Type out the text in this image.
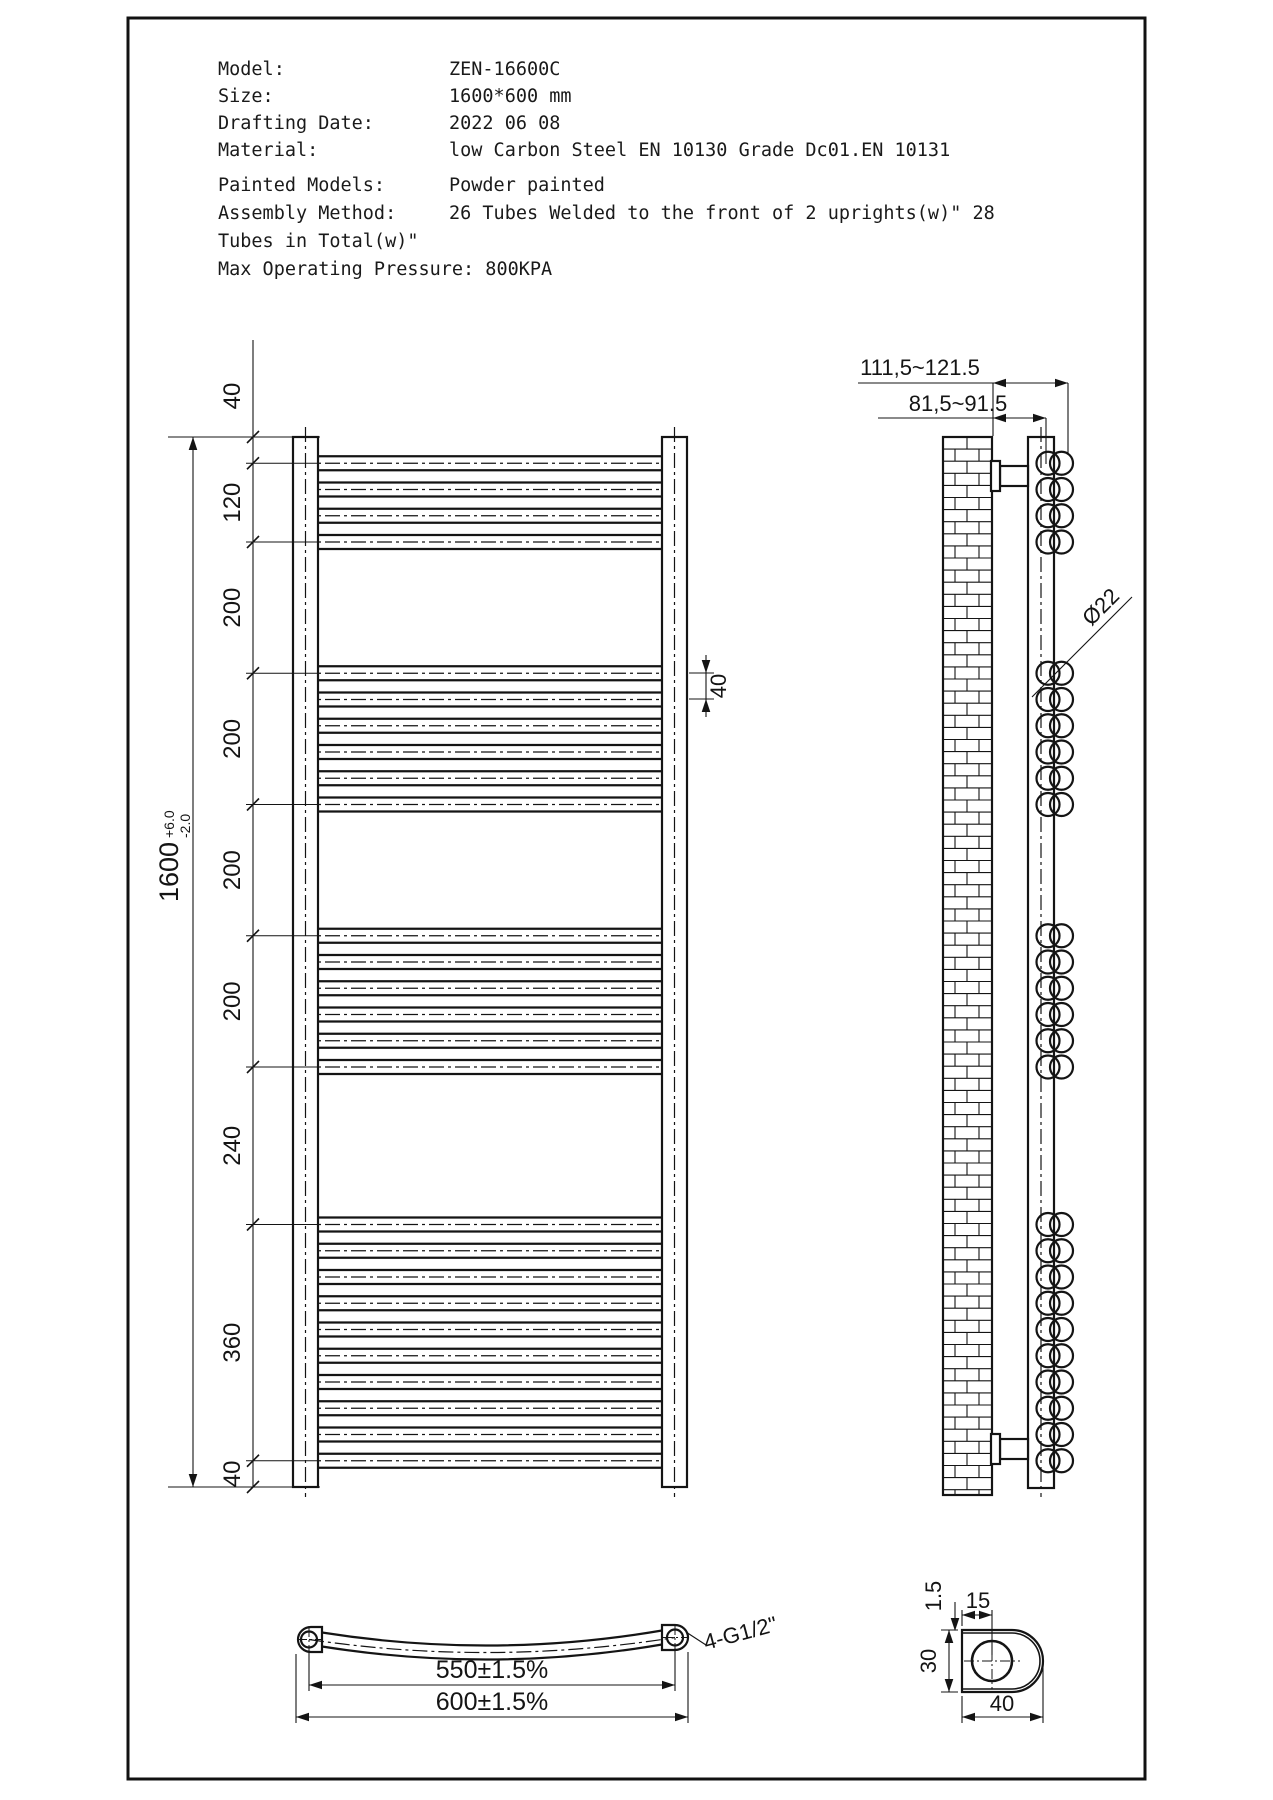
Model:	ZEN-16600C
Size:	1600*600 mm
Drafting Date:	2022 06 08
Material:	low Carbon Steel EN 10130 Grade Dc01.EN 10131
Painted Models:	Powder painted
Assembly Method:	26 Tubes Welded to the front of 2 uprights(w)" 28
Tubes in Total(w)"
Max Operating Pressure: 800KPA
40
120
200
200
200
200
240
360
40
1600
+6.0 -2.0
40
111,5~121.5
81,5~91.5
Ø22
550±1.5%
600±1.5%
4-G1/2"
40
30
15
1.5
